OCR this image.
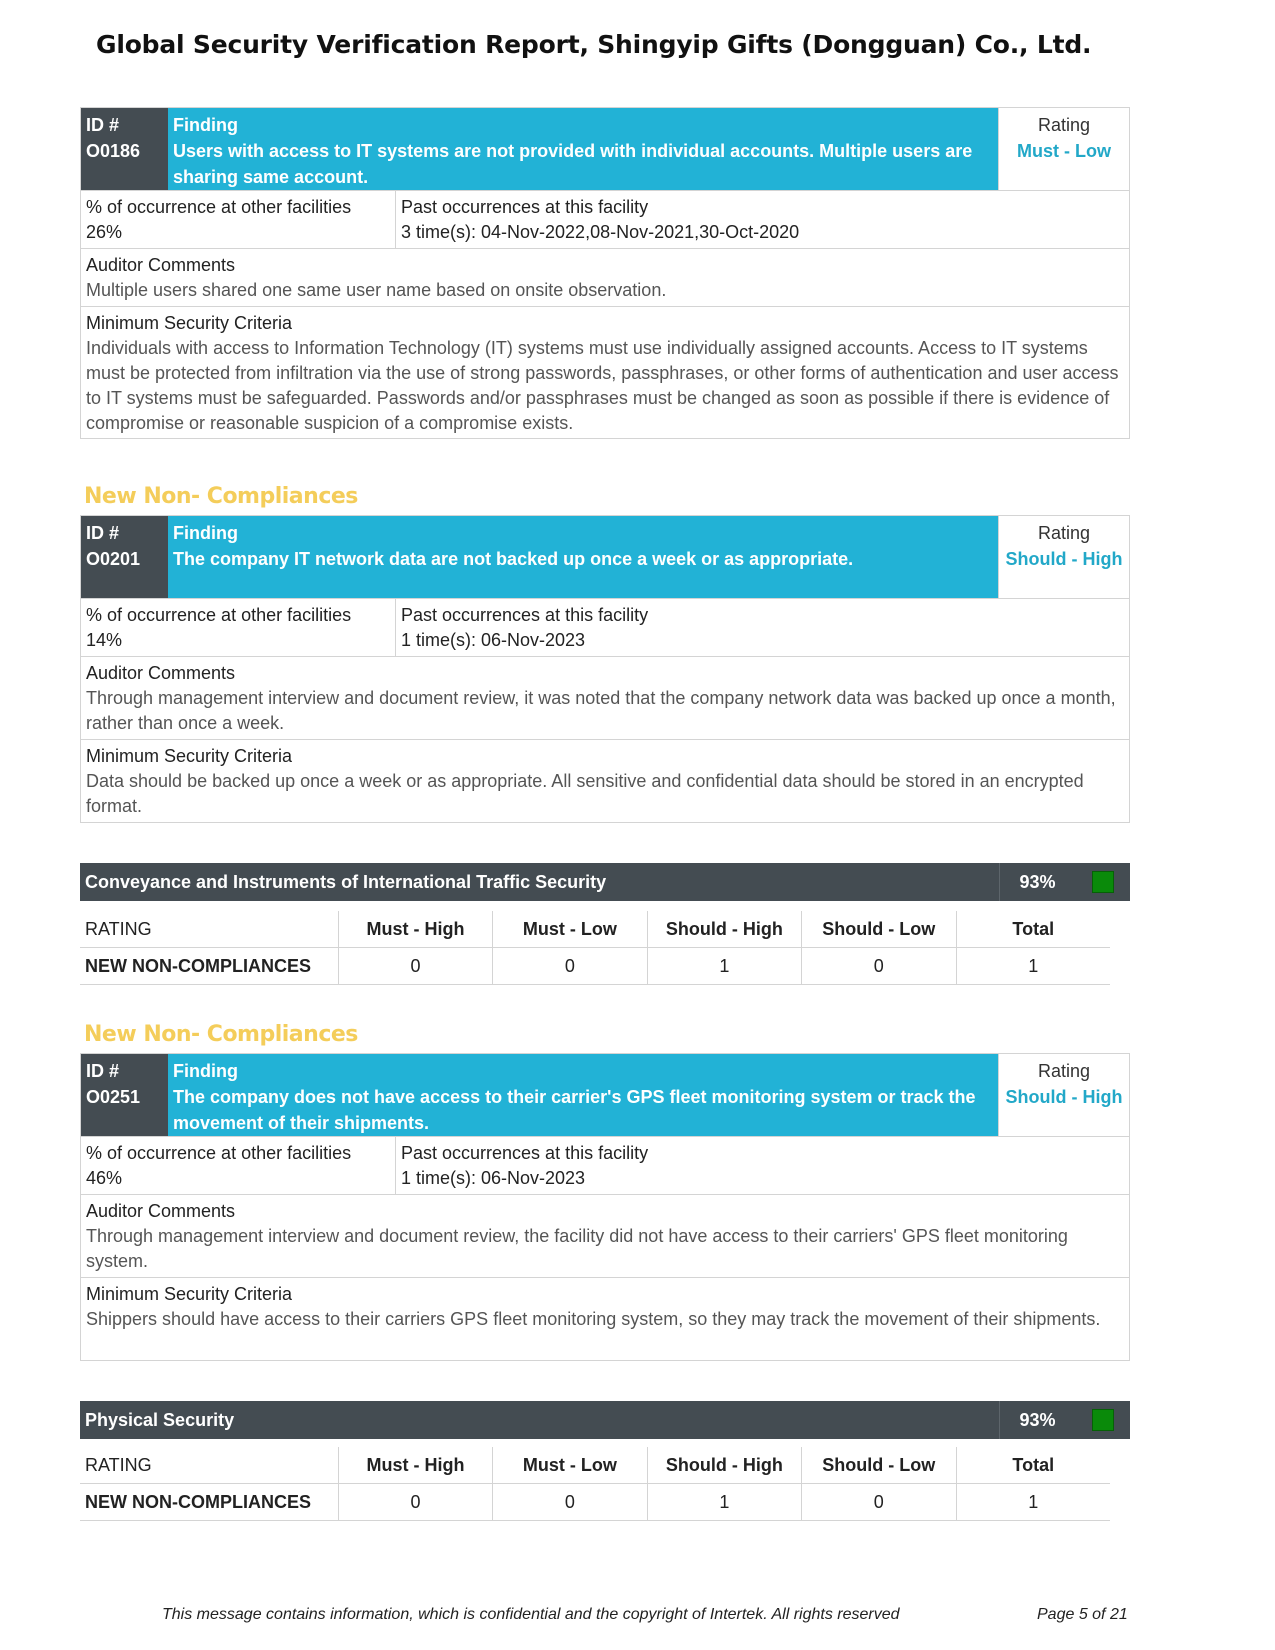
Global Security Verification Report, Shingyip Gifts (Dongguan) Co., Ltd.
ID #
O0186
Finding
Users with access to IT systems are not provided with individual accounts. Multiple users are sharing same account.
Rating
Must - Low
% of occurrence at other facilities
26%
Past occurrences at this facility
3 time(s): 04-Nov-2022,08-Nov-2021,30-Oct-2020
Auditor Comments
Multiple users shared one same user name based on onsite observation.
Minimum Security Criteria
Individuals with access to Information Technology (IT) systems must use individually assigned accounts. Access to IT systems must be protected from infiltration via the use of strong passwords, passphrases, or other forms of authentication and user access to IT systems must be safeguarded. Passwords and/or passphrases must be changed as soon as possible if there is evidence of compromise or reasonable suspicion of a compromise exists.
New Non- Compliances
ID #
O0201
Finding
The company IT network data are not backed up once a week or as appropriate.
Rating
Should - High
% of occurrence at other facilities
14%
Past occurrences at this facility
1 time(s): 06-Nov-2023
Auditor Comments
Through management interview and document review, it was noted that the company network data was backed up once a month, rather than once a week.
Minimum Security Criteria
Data should be backed up once a week or as appropriate. All sensitive and confidential data should be stored in an encrypted format.
Conveyance and Instruments of International Traffic Security	93%
RATING	Must - High	Must - Low	Should - High	Should - Low	Total
NEW NON-COMPLIANCES	0	0	1	0	1
New Non- Compliances
ID #
O0251
Finding
The company does not have access to their carrier's GPS fleet monitoring system or track the movement of their shipments.
Rating
Should - High
% of occurrence at other facilities
46%
Past occurrences at this facility
1 time(s): 06-Nov-2023
Auditor Comments
Through management interview and document review, the facility did not have access to their carriers' GPS fleet monitoring system.
Minimum Security Criteria
Shippers should have access to their carriers GPS fleet monitoring system, so they may track the movement of their shipments.
Physical Security	93%
RATING	Must - High	Must - Low	Should - High	Should - Low	Total
NEW NON-COMPLIANCES	0	0	1	0	1
This message contains information, which is confidential and the copyright of Intertek. All rights reserved	Page 5 of 21
